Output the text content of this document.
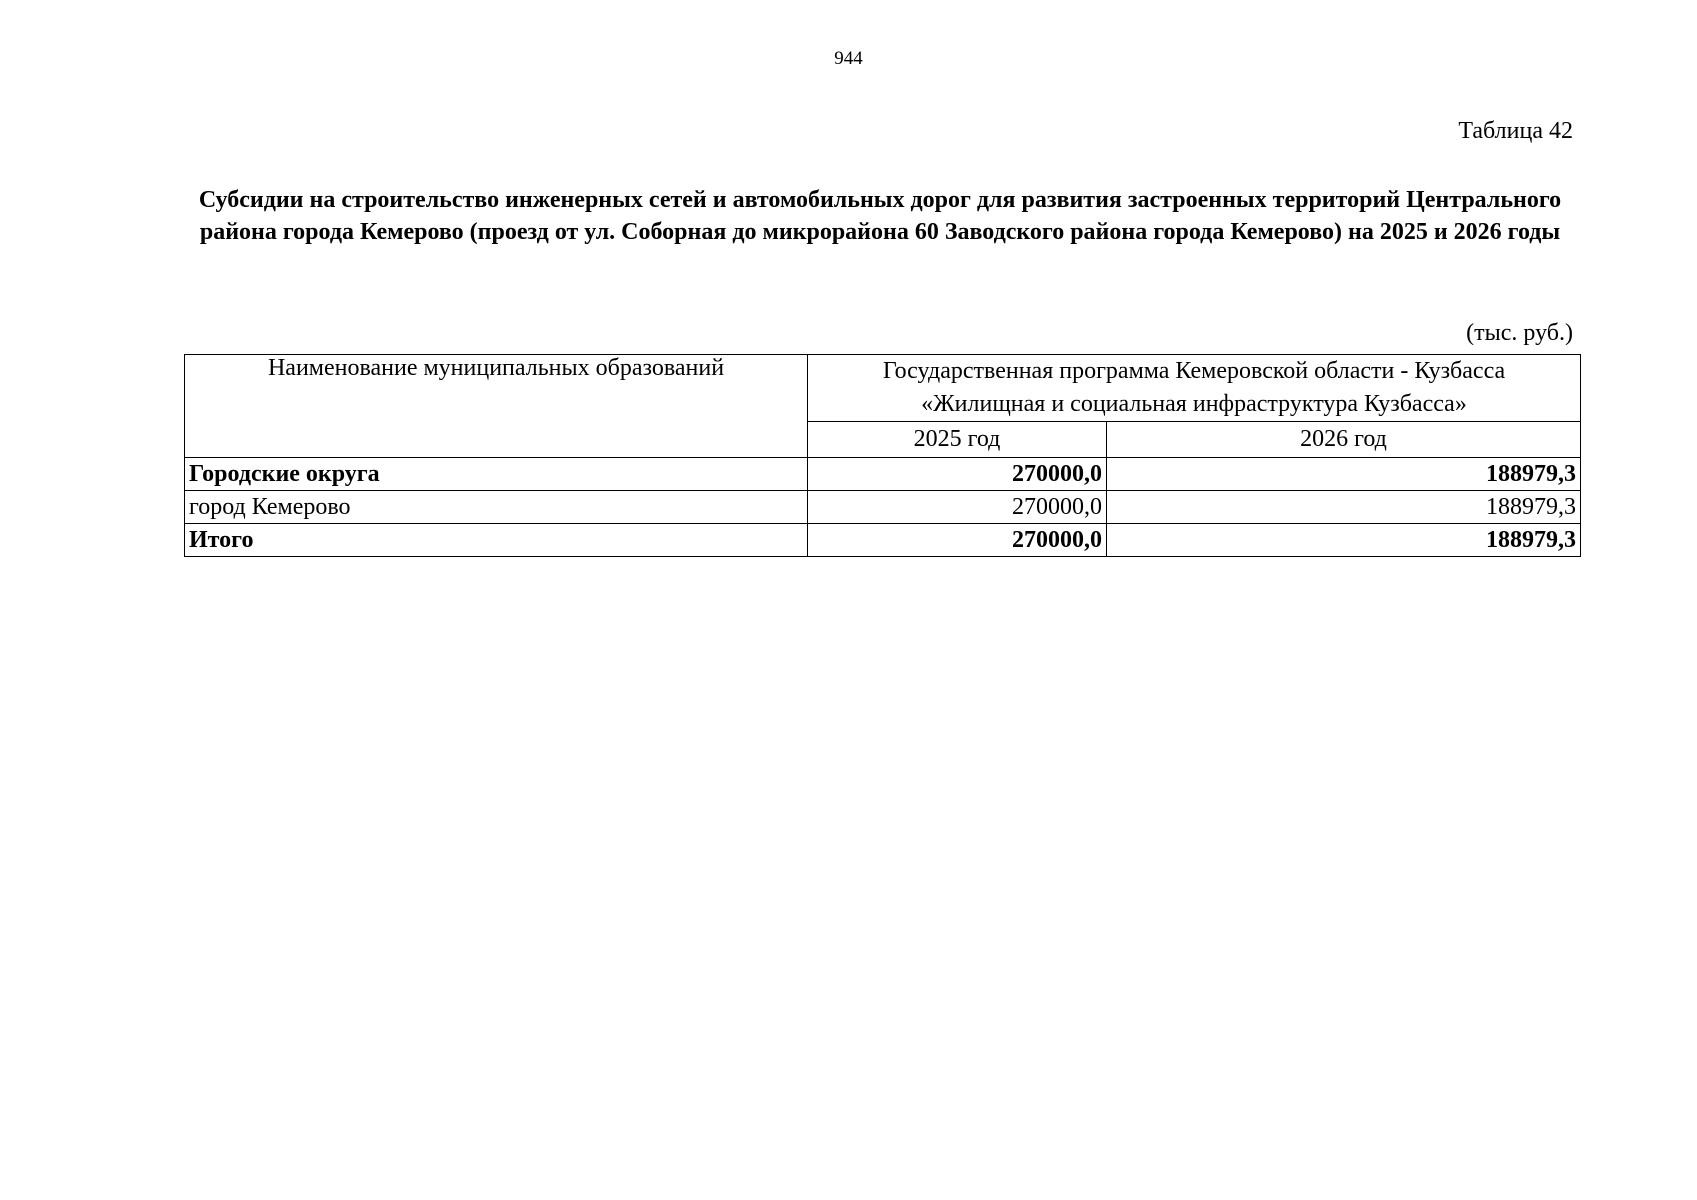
944
Таблица 42
Субсидии на строительство инженерных сетей и автомобильных дорог для развития застроенных территорий Центрального района города Кемерово (проезд от ул. Соборная до микрорайона 60 Заводского района города Кемерово) на 2025 и 2026 годы
(тыс. руб.)
Наименование муниципальных образований	Государственная программа Кемеровской области - Кузбасса
«Жилищная и социальная инфраструктура Кузбасса»	

	2025 год	2026 год
Городские округа	270000,0	188979,3
город Кемерово	270000,0	188979,3
Итого	270000,0	188979,3
